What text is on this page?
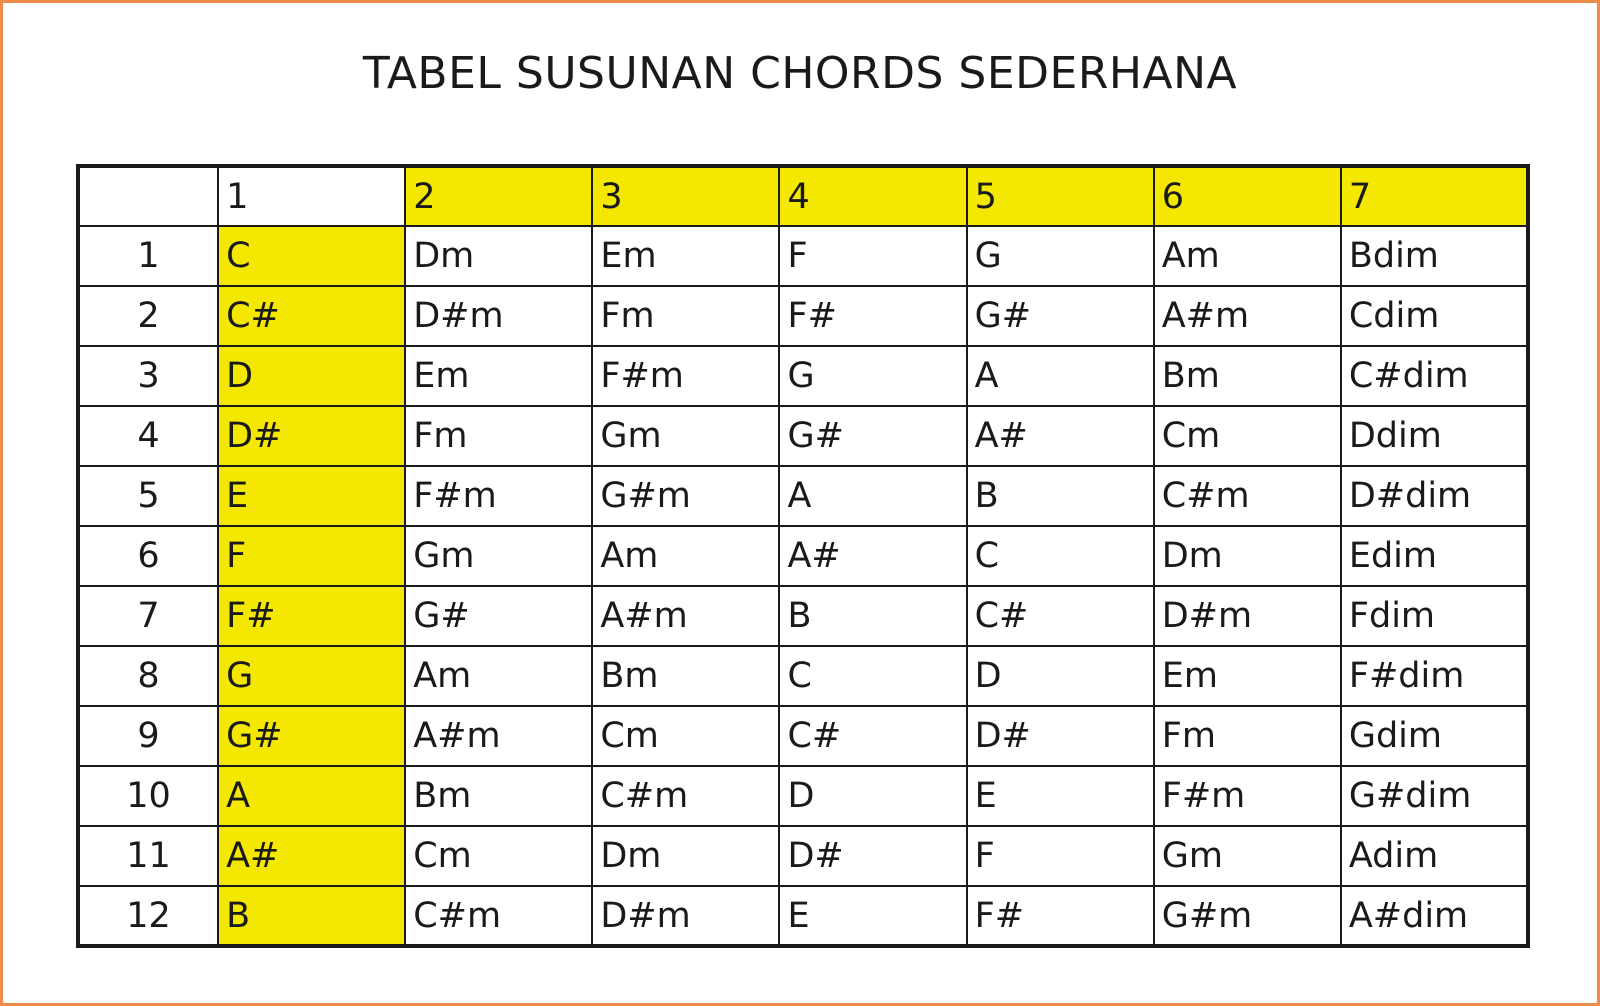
TABEL SUSUNAN CHORDS SEDERHANA
	1	2	3	4	5	6	7
1	C	Dm	Em	F	G	Am	Bdim
2	C#	D#m	Fm	F#	G#	A#m	Cdim
3	D	Em	F#m	G	A	Bm	C#dim
4	D#	Fm	Gm	G#	A#	Cm	Ddim
5	E	F#m	G#m	A	B	C#m	D#dim
6	F	Gm	Am	A#	C	Dm	Edim
7	F#	G#	A#m	B	C#	D#m	Fdim
8	G	Am	Bm	C	D	Em	F#dim
9	G#	A#m	Cm	C#	D#	Fm	Gdim
10	A	Bm	C#m	D	E	F#m	G#dim
11	A#	Cm	Dm	D#	F	Gm	Adim
12	B	C#m	D#m	E	F#	G#m	A#dim
